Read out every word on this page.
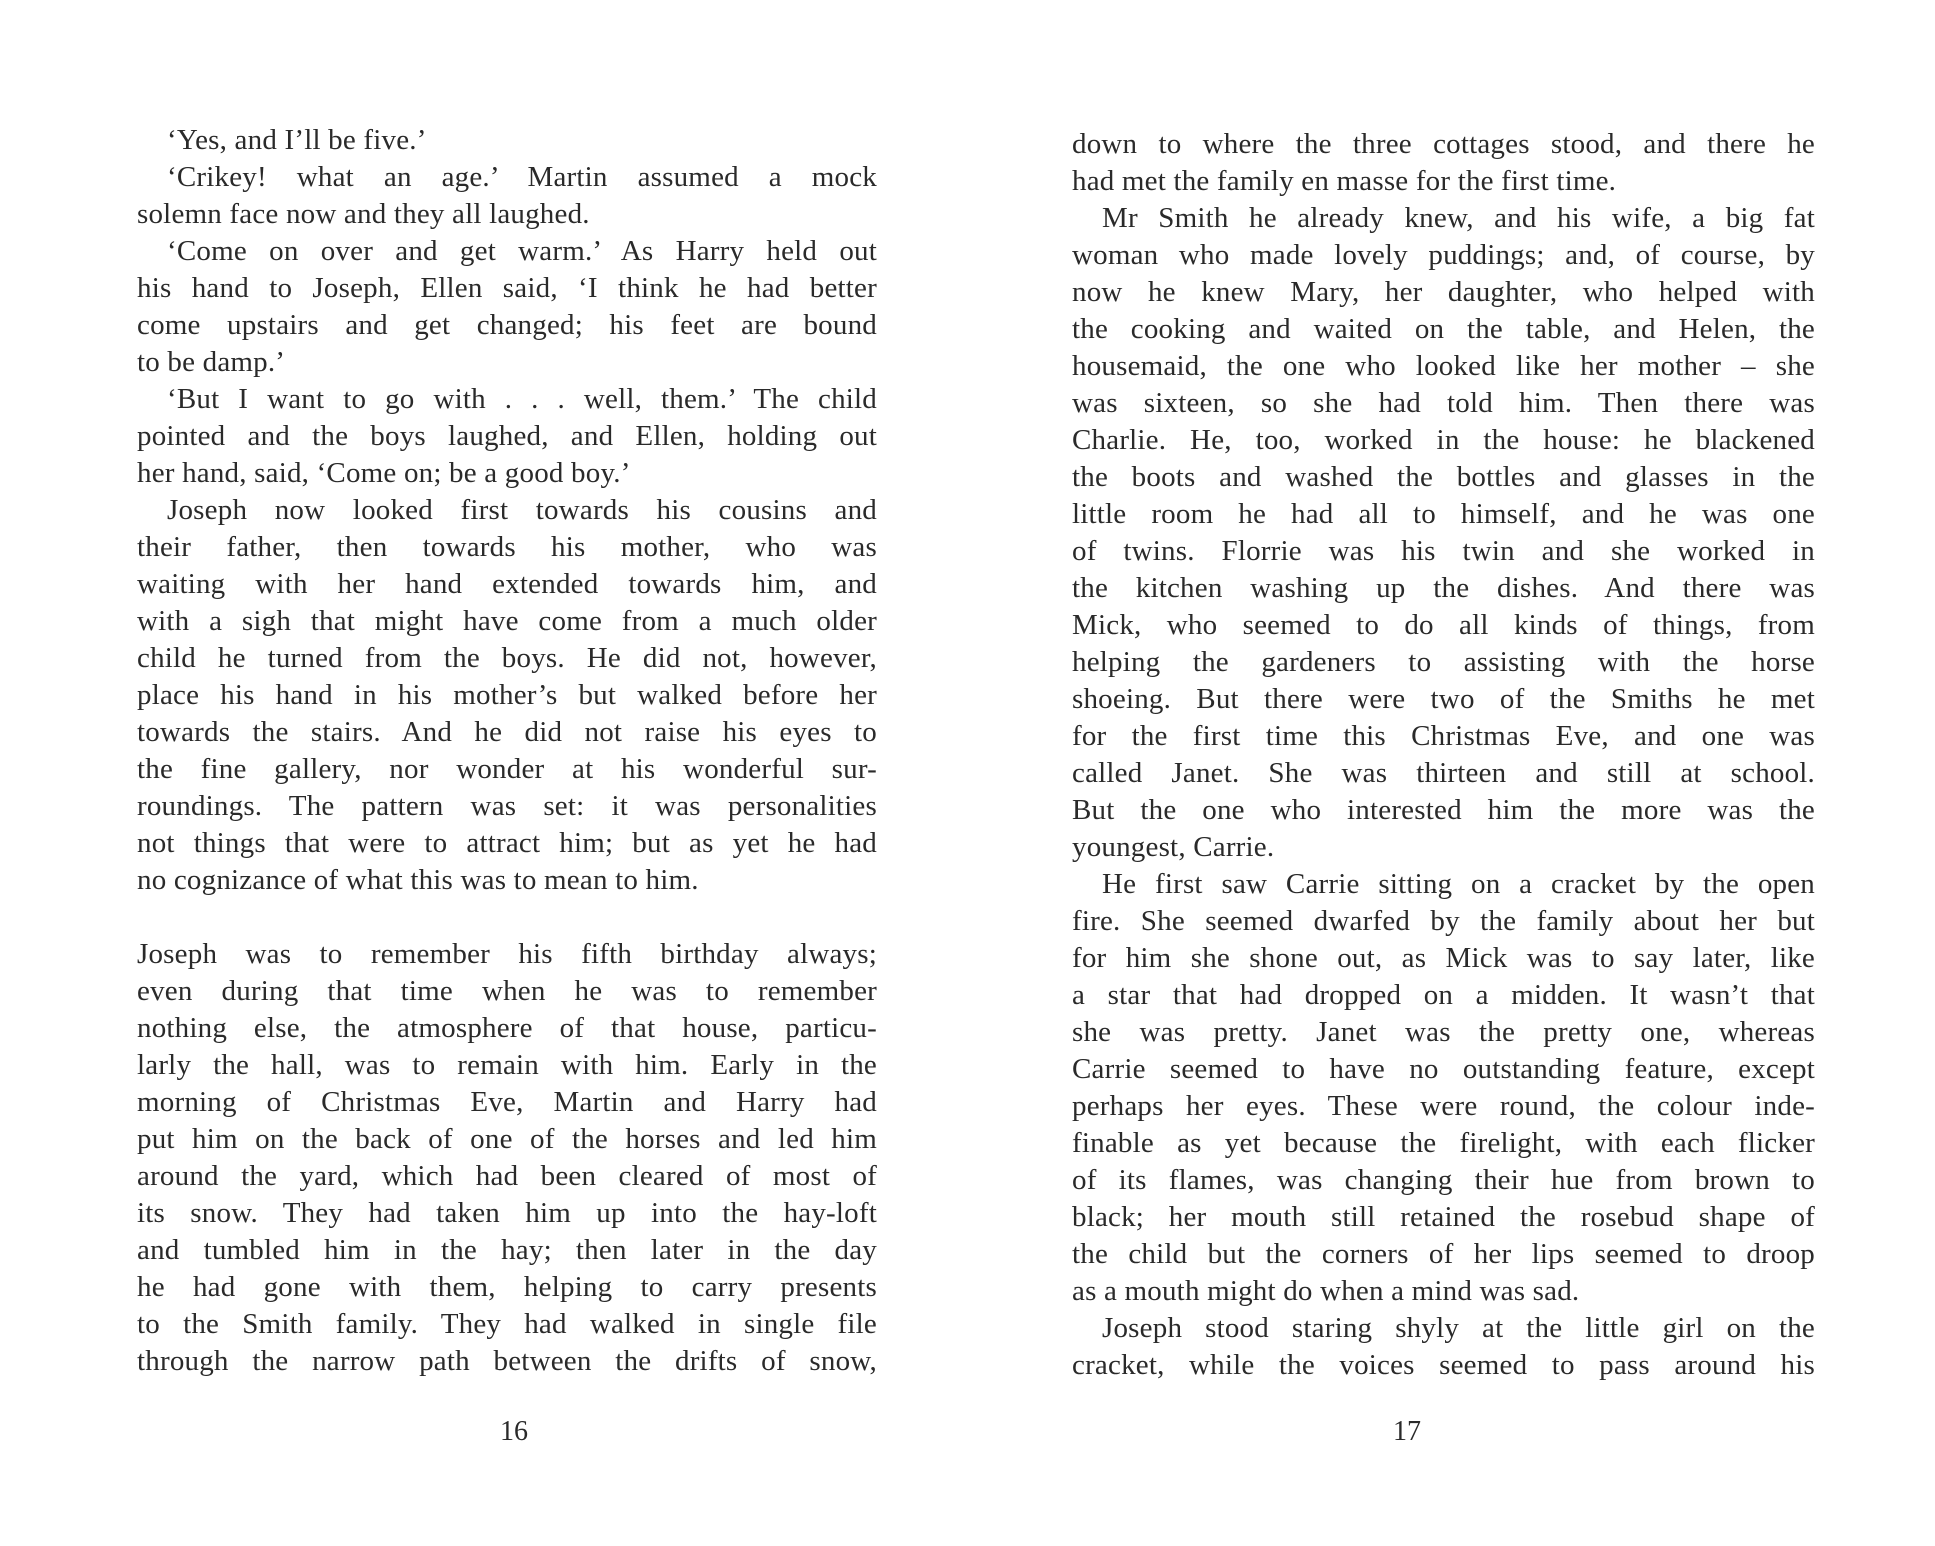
‘Yes, and I’ll be five.’
‘Crikey! what an age.’ Martin assumed a mock
solemn face now and they all laughed.
‘Come on over and get warm.’ As Harry held out
his hand to Joseph, Ellen said, ‘I think he had better
come upstairs and get changed; his feet are bound
to be damp.’
‘But I want to go with . . . well, them.’ The child
pointed and the boys laughed, and Ellen, holding out
her hand, said, ‘Come on; be a good boy.’
Joseph now looked first towards his cousins and
their father, then towards his mother, who was
waiting with her hand extended towards him, and
with a sigh that might have come from a much older
child he turned from the boys. He did not, however,
place his hand in his mother’s but walked before her
towards the stairs. And he did not raise his eyes to
the fine gallery, nor wonder at his wonderful sur-
roundings. The pattern was set: it was personalities
not things that were to attract him; but as yet he had
no cognizance of what this was to mean to him.
Joseph was to remember his fifth birthday always;
even during that time when he was to remember
nothing else, the atmosphere of that house, particu-
larly the hall, was to remain with him. Early in the
morning of Christmas Eve, Martin and Harry had
put him on the back of one of the horses and led him
around the yard, which had been cleared of most of
its snow. They had taken him up into the hay-loft
and tumbled him in the hay; then later in the day
he had gone with them, helping to carry presents
to the Smith family. They had walked in single file
through the narrow path between the drifts of snow,
16
down to where the three cottages stood, and there he
had met the family en masse for the first time.
Mr Smith he already knew, and his wife, a big fat
woman who made lovely puddings; and, of course, by
now he knew Mary, her daughter, who helped with
the cooking and waited on the table, and Helen, the
housemaid, the one who looked like her mother – she
was sixteen, so she had told him. Then there was
Charlie. He, too, worked in the house: he blackened
the boots and washed the bottles and glasses in the
little room he had all to himself, and he was one
of twins. Florrie was his twin and she worked in
the kitchen washing up the dishes. And there was
Mick, who seemed to do all kinds of things, from
helping the gardeners to assisting with the horse
shoeing. But there were two of the Smiths he met
for the first time this Christmas Eve, and one was
called Janet. She was thirteen and still at school.
But the one who interested him the more was the
youngest, Carrie.
He first saw Carrie sitting on a cracket by the open
fire. She seemed dwarfed by the family about her but
for him she shone out, as Mick was to say later, like
a star that had dropped on a midden. It wasn’t that
she was pretty. Janet was the pretty one, whereas
Carrie seemed to have no outstanding feature, except
perhaps her eyes. These were round, the colour inde-
finable as yet because the firelight, with each flicker
of its flames, was changing their hue from brown to
black; her mouth still retained the rosebud shape of
the child but the corners of her lips seemed to droop
as a mouth might do when a mind was sad.
Joseph stood staring shyly at the little girl on the
cracket, while the voices seemed to pass around his
17
